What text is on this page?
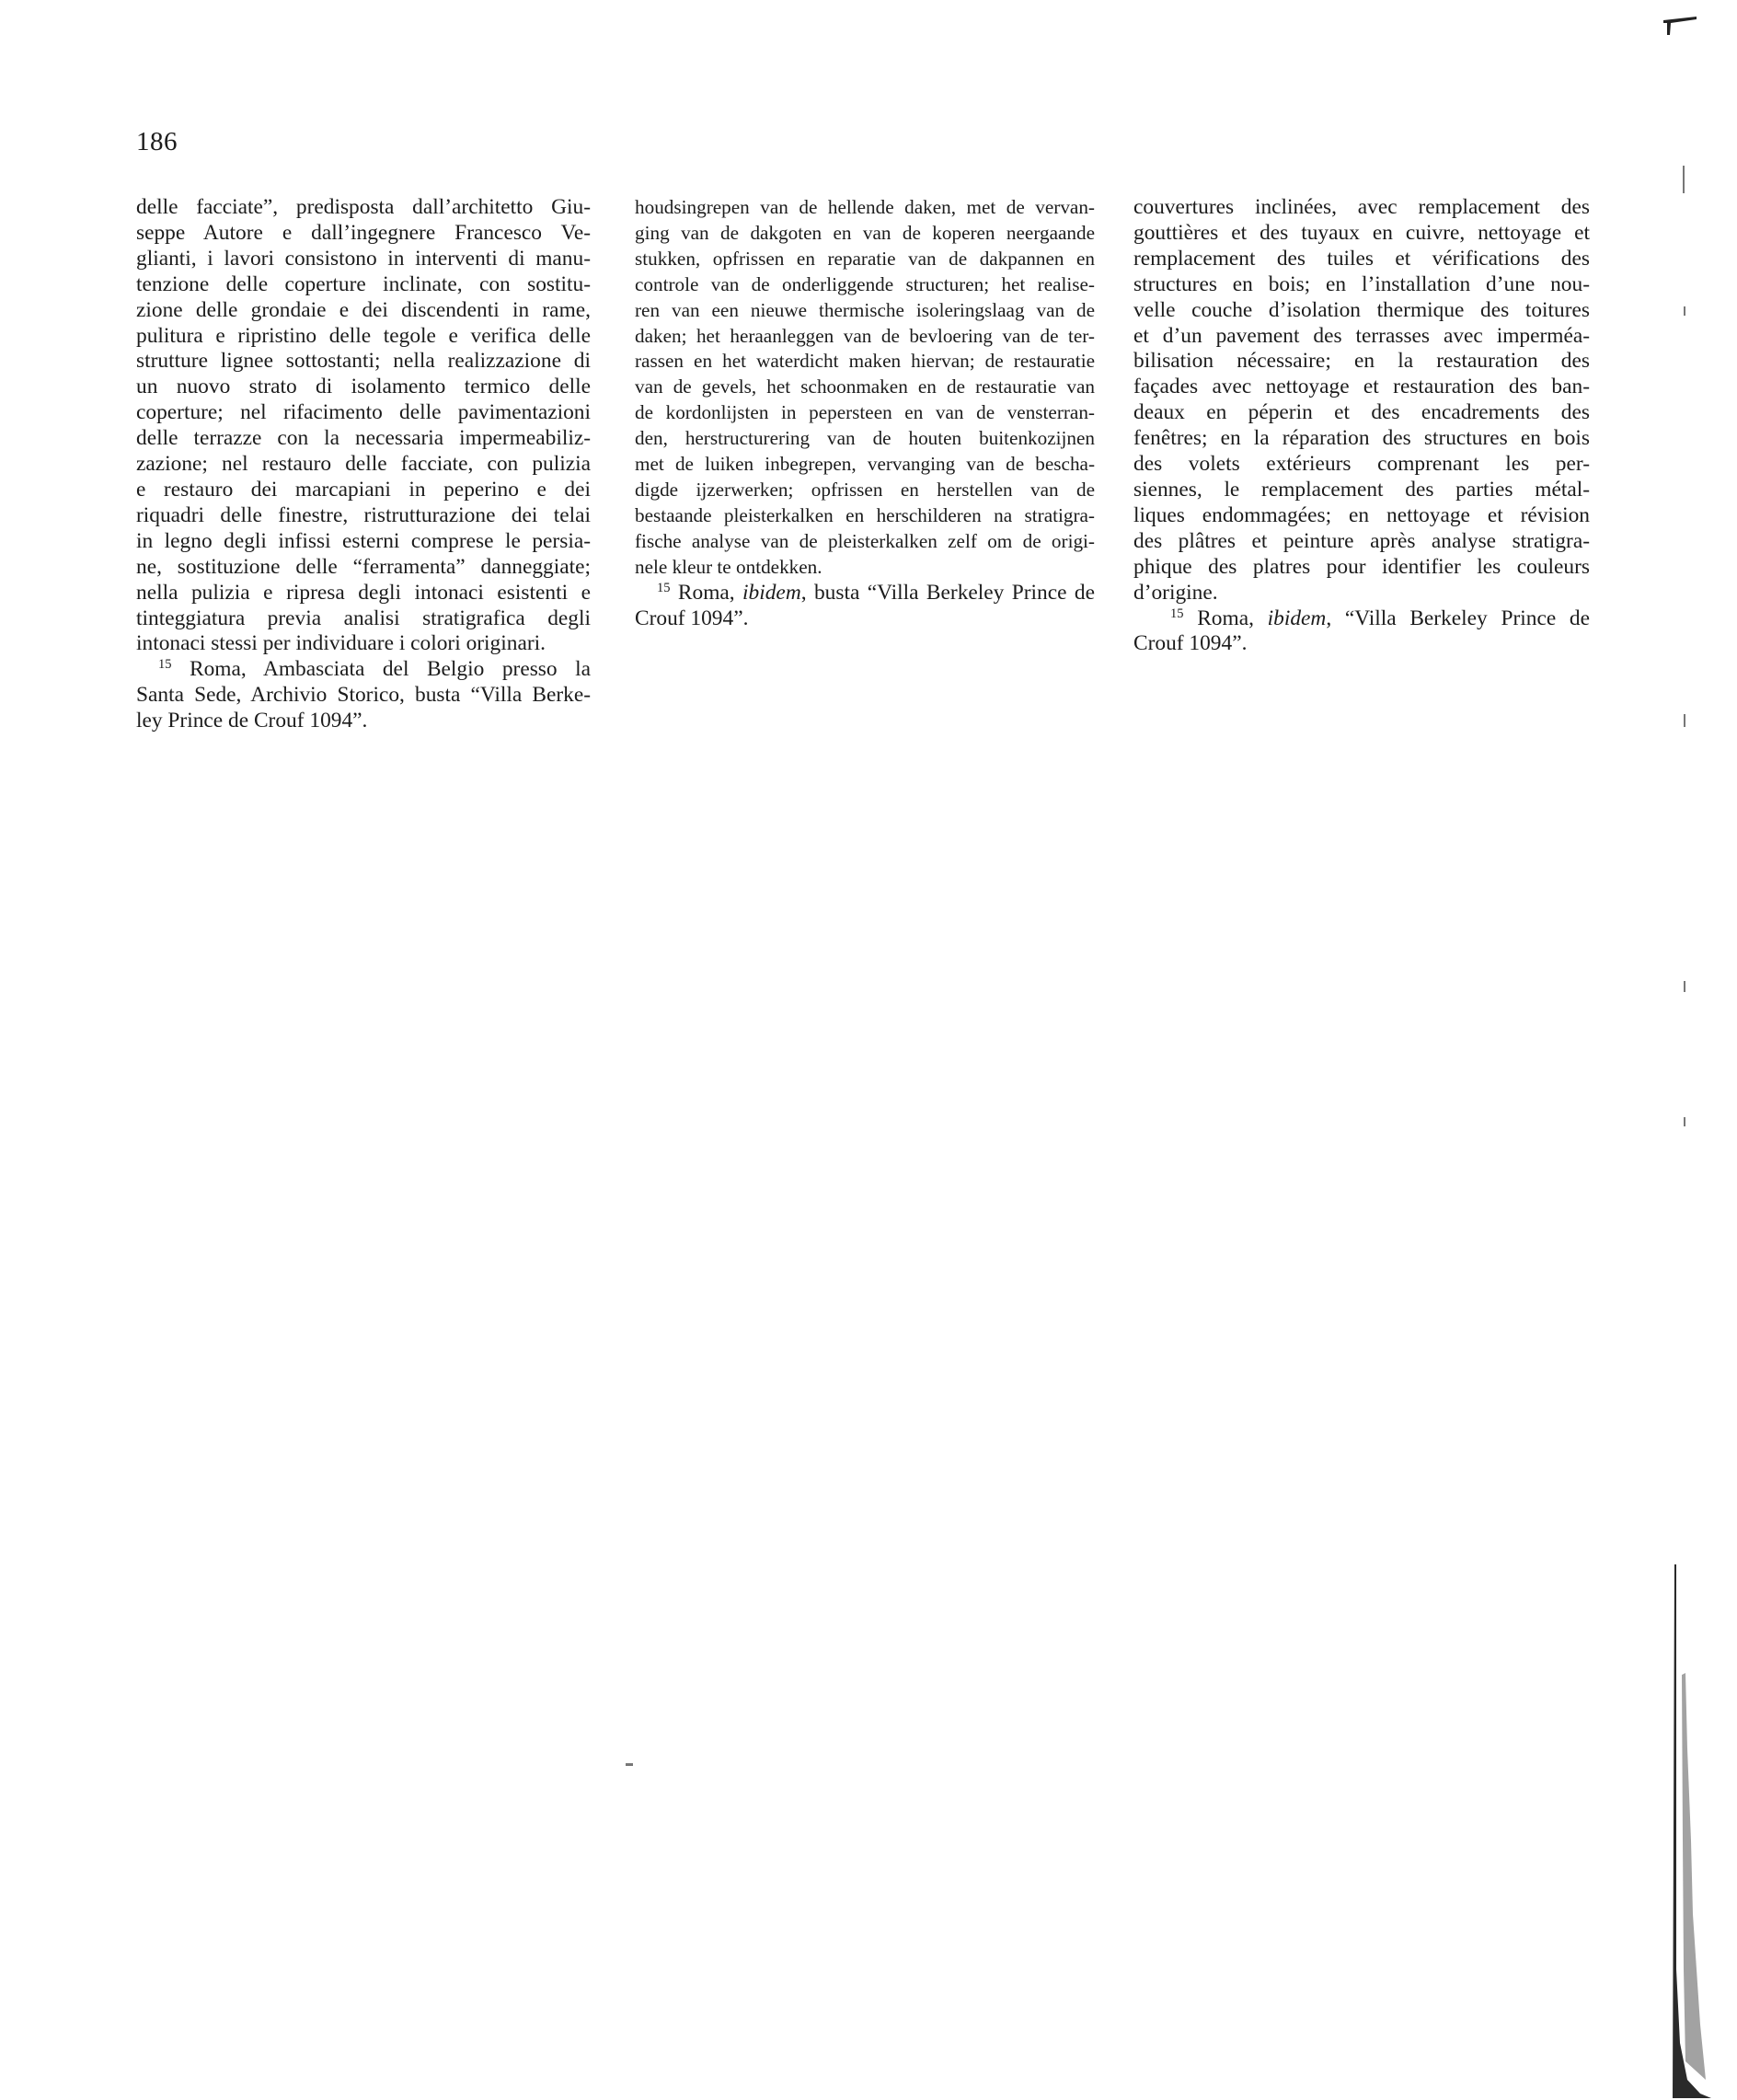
186
delle facciate”, predisposta dall’architetto Giu-
seppe Autore e dall’ingegnere Francesco Ve-
glianti, i lavori consistono in interventi di manu-
tenzione delle coperture inclinate, con sostitu-
zione delle grondaie e dei discendenti in rame,
pulitura e ripristino delle tegole e verifica delle
strutture lignee sottostanti; nella realizzazione di
un nuovo strato di isolamento termico delle
coperture; nel rifacimento delle pavimentazioni
delle terrazze con la necessaria impermeabiliz-
zazione; nel restauro delle facciate, con pulizia
e restauro dei marcapiani in peperino e dei
riquadri delle finestre, ristrutturazione dei telai
in legno degli infissi esterni comprese le persia-
ne, sostituzione delle “ferramenta” danneggiate;
nella pulizia e ripresa degli intonaci esistenti e
tinteggiatura previa analisi stratigrafica degli
intonaci stessi per individuare i colori originari.
$^{15}$ Roma, Ambasciata del Belgio presso la
Santa Sede, Archivio Storico, busta “Villa Berke-
ley Prince de Crouf 1094”.
houdsingrepen van de hellende daken, met de vervan-
ging van de dakgoten en van de koperen neergaande
stukken, opfrissen en reparatie van de dakpannen en
controle van de onderliggende structuren; het realise-
ren van een nieuwe thermische isoleringslaag van de
daken; het heraanleggen van de bevloering van de ter-
rassen en het waterdicht maken hiervan; de restauratie
van de gevels, het schoonmaken en de restauratie van
de kordonlijsten in pepersteen en van de vensterran-
den, herstructurering van de houten buitenkozijnen
met de luiken inbegrepen, vervanging van de bescha-
digde ijzerwerken; opfrissen en herstellen van de
bestaande pleisterkalken en herschilderen na stratigra-
fische analyse van de pleisterkalken zelf om de origi-
nele kleur te ontdekken.
$^{15}$ Roma, ibidem, busta “Villa Berkeley Prince de
Crouf 1094”.
couvertures inclinées, avec remplacement des
gouttières et des tuyaux en cuivre, nettoyage et
remplacement des tuiles et vérifications des
structures en bois; en l’installation d’une nou-
velle couche d’isolation thermique des toitures
et d’un pavement des terrasses avec imperméa-
bilisation nécessaire; en la restauration des
façades avec nettoyage et restauration des ban-
deaux en péperin et des encadrements des
fenêtres; en la réparation des structures en bois
des volets extérieurs comprenant les per-
siennes, le remplacement des parties métal-
liques endommagées; en nettoyage et révision
des plâtres et peinture après analyse stratigra-
phique des platres pour identifier les couleurs
d’origine.
$^{15}$ Roma, ibidem, “Villa Berkeley Prince de
Crouf 1094”.
